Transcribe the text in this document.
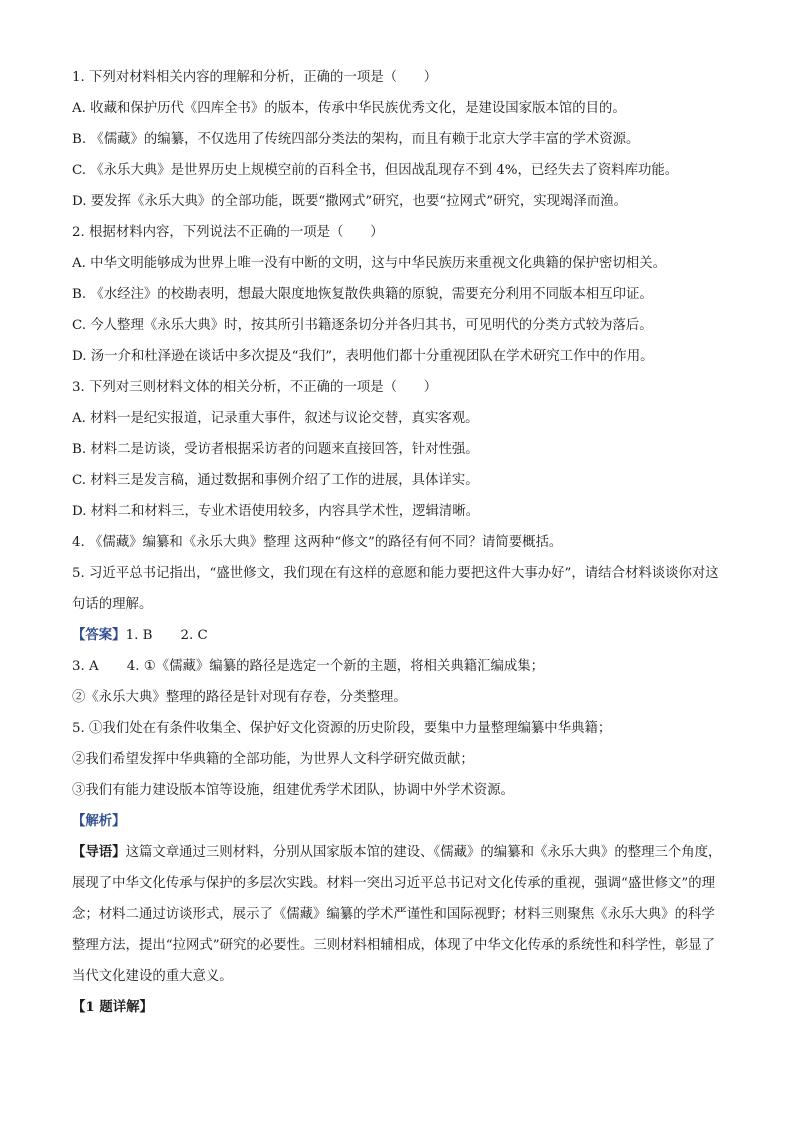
1. 下列对材料相关内容的理解和分析，正确的一项是（　　）
A. 收藏和保护历代《四库全书》的版本，传承中华民族优秀文化，是建设国家版本馆的目的。
B. 《儒藏》的编纂，不仅选用了传统四部分类法的架构，而且有赖于北京大学丰富的学术资源。
C. 《永乐大典》是世界历史上规模空前的百科全书，但因战乱现存不到 4%，已经失去了资料库功能。
D. 要发挥《永乐大典》的全部功能，既要“撒网式”研究，也要“拉网式”研究，实现竭泽而渔。
2. 根据材料内容，下列说法不正确的一项是（　　）
A. 中华文明能够成为世界上唯一没有中断的文明，这与中华民族历来重视文化典籍的保护密切相关。
B. 《水经注》的校勘表明，想最大限度地恢复散佚典籍的原貌，需要充分利用不同版本相互印证。
C. 今人整理《永乐大典》时，按其所引书籍逐条切分并各归其书，可见明代的分类方式较为落后。
D. 汤一介和杜泽逊在谈话中多次提及“我们”，表明他们都十分重视团队在学术研究工作中的作用。
3. 下列对三则材料文体的相关分析，不正确的一项是（　　）
A. 材料一是纪实报道，记录重大事件，叙述与议论交替，真实客观。
B. 材料二是访谈，受访者根据采访者的问题来直接回答，针对性强。
C. 材料三是发言稿，通过数据和事例介绍了工作的进展，具体详实。
D. 材料二和材料三，专业术语使用较多，内容具学术性，逻辑清晰。
4. 《儒藏》编纂和《永乐大典》整理 这两种“修文”的路径有何不同？请简要概括。
5. 习近平总书记指出，“盛世修文，我们现在有这样的意愿和能力要把这件大事办好”，请结合材料谈谈你对这句话的理解。
【答案】1. B 2. C
3. A 4. ①《儒藏》编纂的路径是选定一个新的主题，将相关典籍汇编成集；
②《永乐大典》整理的路径是针对现有存卷，分类整理。
5. ①我们处在有条件收集全、保护好文化资源的历史阶段，要集中力量整理编纂中华典籍；
②我们希望发挥中华典籍的全部功能，为世界人文科学研究做贡献；
③我们有能力建设版本馆等设施，组建优秀学术团队，协调中外学术资源。
【解析】
【导语】这篇文章通过三则材料，分别从国家版本馆的建设、《儒藏》的编纂和《永乐大典》的整理三个角度，展现了中华文化传承与保护的多层次实践。材料一突出习近平总书记对文化传承的重视，强调“盛世修文”的理念；材料二通过访谈形式，展示了《儒藏》编纂的学术严谨性和国际视野；材料三则聚焦《永乐大典》的科学整理方法，提出“拉网式”研究的必要性。三则材料相辅相成，体现了中华文化传承的系统性和科学性，彰显了当代文化建设的重大意义。
【1 题详解】
